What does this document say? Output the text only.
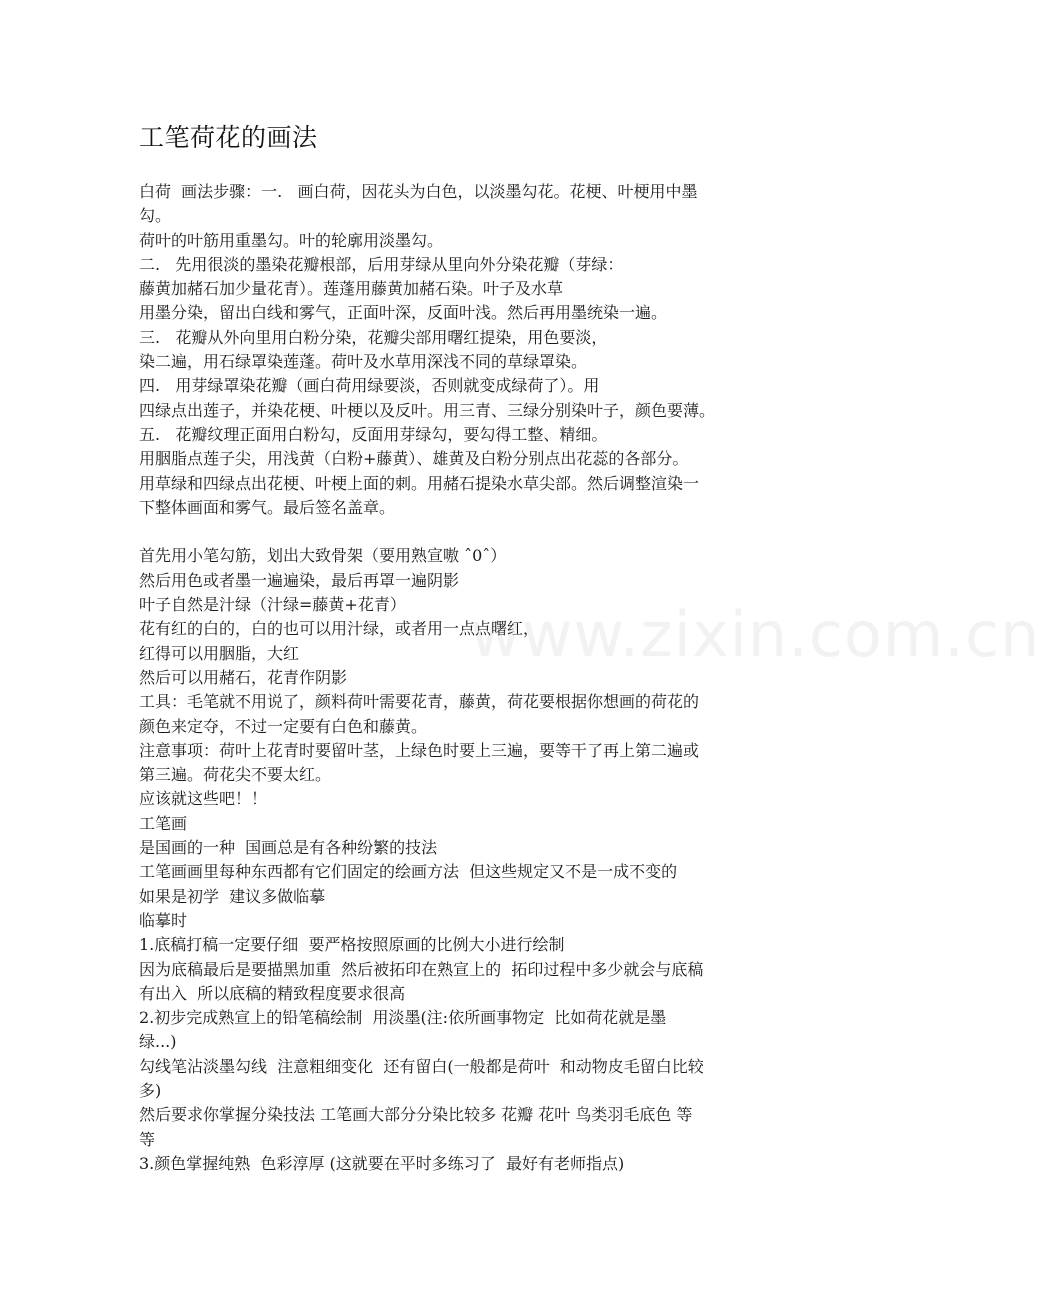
工笔荷花的画法
白荷  画法步骤：一.   画白荷，因花头为白色，以淡墨勾花。花梗、叶梗用中墨
勾。
荷叶的叶筋用重墨勾。叶的轮廓用淡墨勾。
二.   先用很淡的墨染花瓣根部，后用芽绿从里向外分染花瓣（芽绿：
藤黄加赭石加少量花青）。莲蓬用藤黄加赭石染。叶子及水草
用墨分染，留出白线和雾气，正面叶深，反面叶浅。然后再用墨统染一遍。
三.   花瓣从外向里用白粉分染，花瓣尖部用曙红提染，用色要淡，
染二遍，用石绿罩染莲蓬。荷叶及水草用深浅不同的草绿罩染。
四.   用芽绿罩染花瓣（画白荷用绿要淡，否则就变成绿荷了）。用
四绿点出莲子，并染花梗、叶梗以及反叶。用三青、三绿分别染叶子，颜色要薄。
五.   花瓣纹理正面用白粉勾，反面用芽绿勾，要勾得工整、精细。
用胭脂点莲子尖，用浅黄（白粉+藤黄）、雄黄及白粉分别点出花蕊的各部分。
用草绿和四绿点出花梗、叶梗上面的刺。用赭石提染水草尖部。然后调整渲染一
下整体画面和雾气。最后签名盖章。
首先用小笔勾筋，划出大致骨架（要用熟宣嗷 ˆ0ˆ）
然后用色或者墨一遍遍染，最后再罩一遍阴影
叶子自然是汁绿（汁绿=藤黄+花青）
花有红的白的，白的也可以用汁绿，或者用一点点曙红，
红得可以用胭脂，大红
然后可以用赭石，花青作阴影
工具：毛笔就不用说了，颜料荷叶需要花青，藤黄，荷花要根据你想画的荷花的
颜色来定夺，不过一定要有白色和藤黄。
注意事项：荷叶上花青时要留叶茎，上绿色时要上三遍，要等干了再上第二遍或
第三遍。荷花尖不要太红。
应该就这些吧！！
工笔画
是国画的一种  国画总是有各种纷繁的技法
工笔画画里每种东西都有它们固定的绘画方法  但这些规定又不是一成不变的
如果是初学  建议多做临摹
临摹时
1.底稿打稿一定要仔细  要严格按照原画的比例大小进行绘制
因为底稿最后是要描黑加重  然后被拓印在熟宣上的  拓印过程中多少就会与底稿
有出入  所以底稿的精致程度要求很高
2.初步完成熟宣上的铅笔稿绘制  用淡墨(注:依所画事物定  比如荷花就是墨
绿...)
勾线笔沾淡墨勾线  注意粗细变化  还有留白(一般都是荷叶  和动物皮毛留白比较
多)
然后要求你掌握分染技法 工笔画大部分分染比较多 花瓣 花叶 鸟类羽毛底色 等
等
3.颜色掌握纯熟  色彩淳厚 (这就要在平时多练习了  最好有老师指点)
www.zixin.com.cn
